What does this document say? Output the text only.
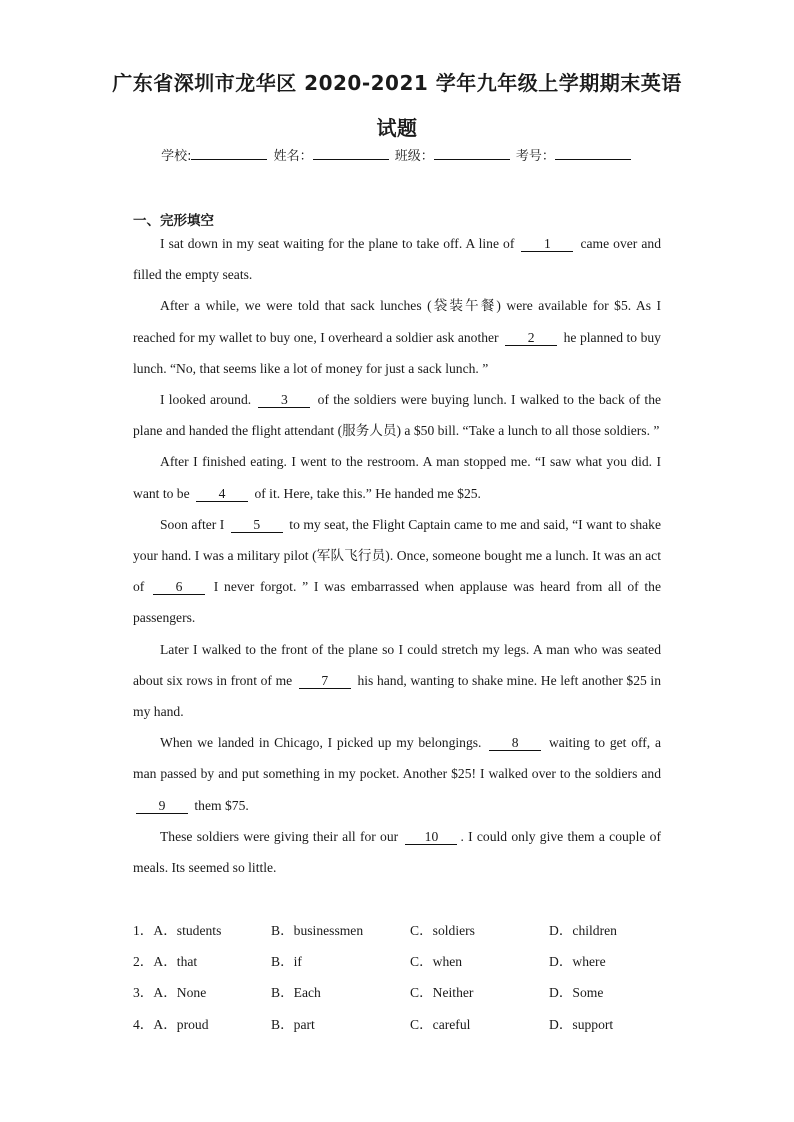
广东省深圳市龙华区 2020-2021 学年九年级上学期期末英语
试题
学校:	姓名：	班级：	考号：
一、完形填空

I sat down in my seat waiting for the plane to take off. A line of 1 came over and filled the empty seats.

After a while, we were told that sack lunches (袋装午餐) were available for $5. As I reached for my wallet to buy one, I overheard a soldier ask another 2 he planned to buy lunch. “No, that seems like a lot of money for just a sack lunch. ”

I looked around. 3 of the soldiers were buying lunch. I walked to the back of the plane and handed the flight attendant (服务人员) a $50 bill. “Take a lunch to all those soldiers. ”

After I finished eating. I went to the restroom. A man stopped me. “I saw what you did. I want to be 4 of it. Here, take this.” He handed me $25.

Soon after I 5 to my seat, the Flight Captain came to me and said, “I want to shake your hand. I was a military pilot (军队飞行员). Once, someone bought me a lunch. It was an act of 6 I never forgot. ” I was embarrassed when applause was heard from all of the passengers.

Later I walked to the front of the plane so I could stretch my legs. A man who was seated about six rows in front of me 7 his hand, wanting to shake mine. He left another $25 in my hand.

When we landed in Chicago, I picked up my belongings. 8 waiting to get off, a man passed by and put something in my pocket. Another $25! I walked over to the soldiers and 9 them $75.

These soldiers were giving their all for our 10 . I could only give them a couple of meals. Its seemed so little.

1．A．students	B．businessmen	C．soldiers	D．children
2．A．that	B．if	C．when	D．where
3．A．None	B．Each	C．Neither	D．Some
4．A．proud	B．part	C．careful	D．support
